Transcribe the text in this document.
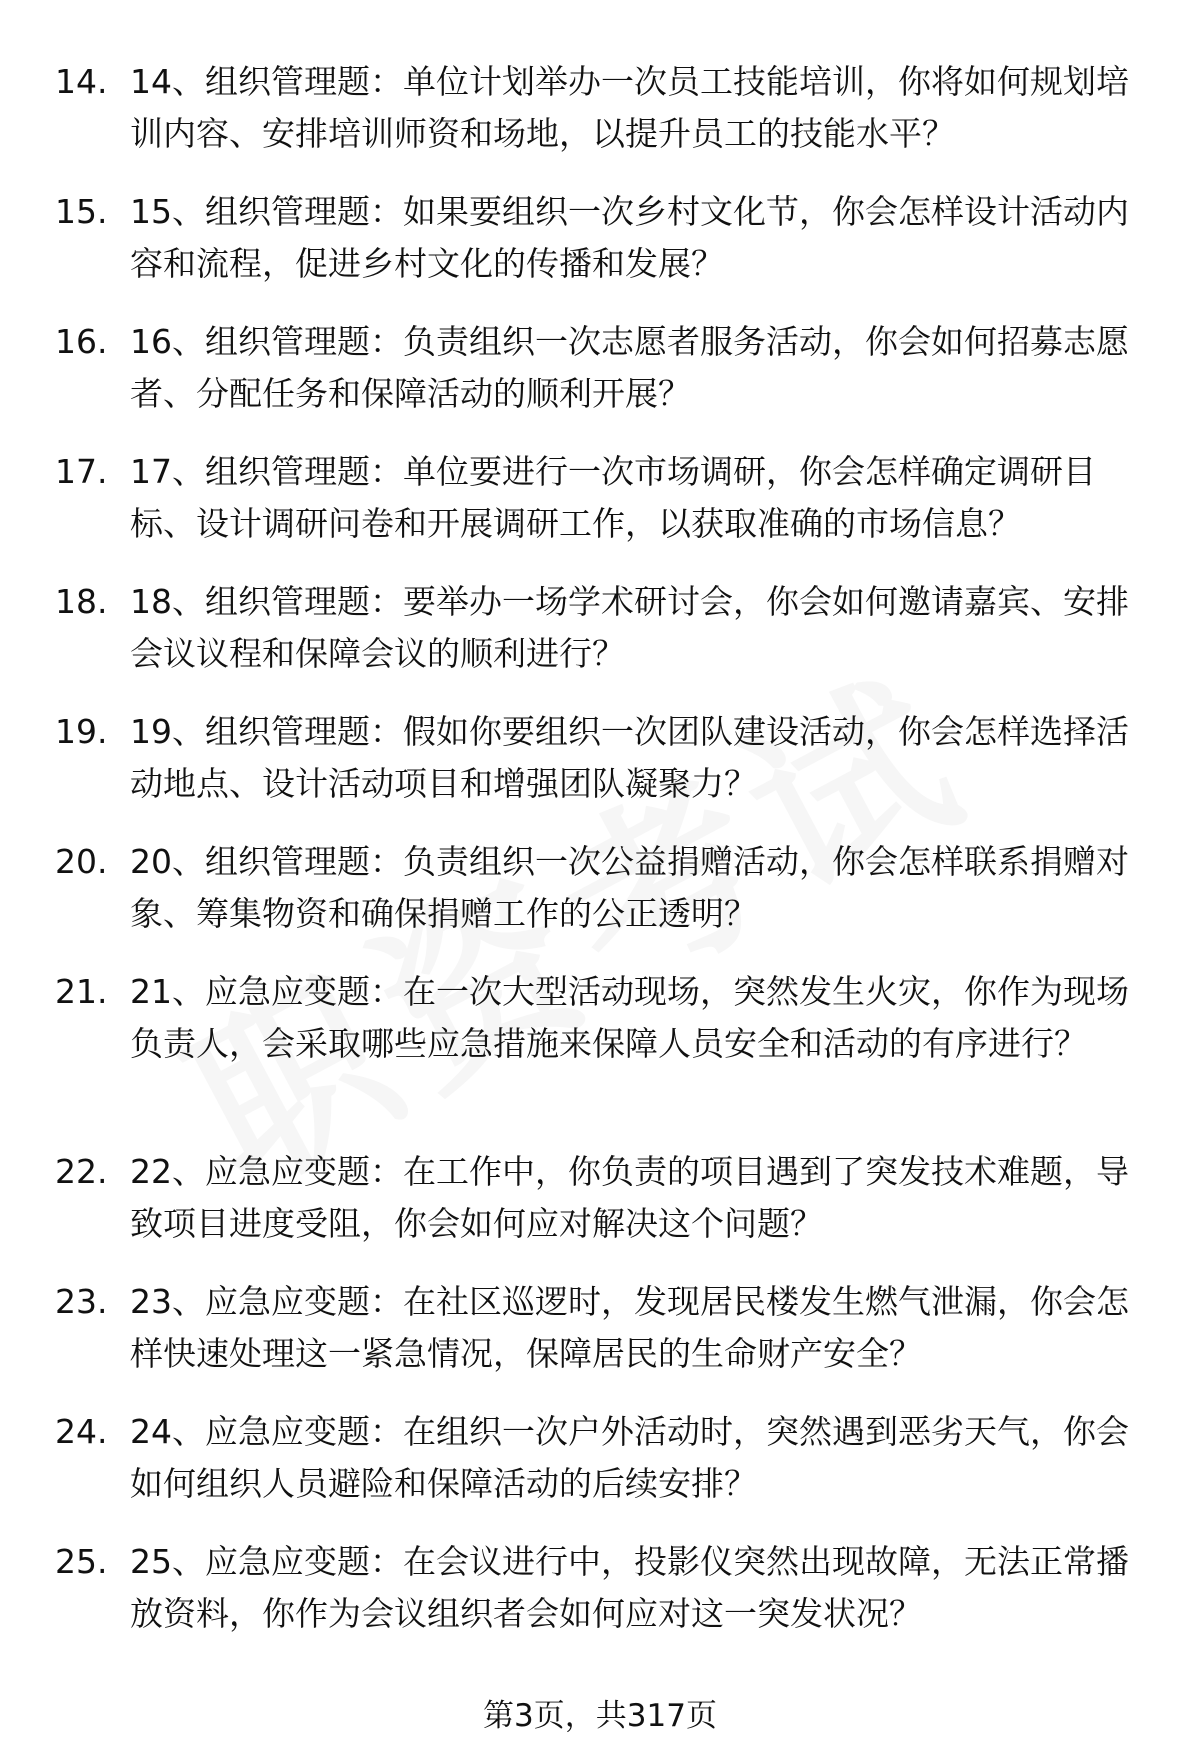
14. 14、组织管理题：单位计划举办一次员工技能培训，你将如何规划培训内容、安排培训师资和场地，以提升员工的技能水平？
15. 15、组织管理题：如果要组织一次乡村文化节，你会怎样设计活动内容和流程，促进乡村文化的传播和发展？
16. 16、组织管理题：负责组织一次志愿者服务活动，你会如何招募志愿者、分配任务和保障活动的顺利开展？
17. 17、组织管理题：单位要进行一次市场调研，你会怎样确定调研目标、设计调研问卷和开展调研工作，以获取准确的市场信息？
18. 18、组织管理题：要举办一场学术研讨会，你会如何邀请嘉宾、安排会议议程和保障会议的顺利进行？
19. 19、组织管理题：假如你要组织一次团队建设活动，你会怎样选择活动地点、设计活动项目和增强团队凝聚力？
20. 20、组织管理题：负责组织一次公益捐赠活动，你会怎样联系捐赠对象、筹集物资和确保捐赠工作的公正透明？
21. 21、应急应变题：在一次大型活动现场，突然发生火灾，你作为现场负责人，会采取哪些应急措施来保障人员安全和活动的有序进行？
22. 22、应急应变题：在工作中，你负责的项目遇到了突发技术难题，导致项目进度受阻，你会如何应对解决这个问题？
23. 23、应急应变题：在社区巡逻时，发现居民楼发生燃气泄漏，你会怎样快速处理这一紧急情况，保障居民的生命财产安全？
24. 24、应急应变题：在组织一次户外活动时，突然遇到恶劣天气，你会如何组织人员避险和保障活动的后续安排？
25. 25、应急应变题：在会议进行中，投影仪突然出现故障，无法正常播放资料，你作为会议组织者会如何应对这一突发状况？
第3页，共317页
